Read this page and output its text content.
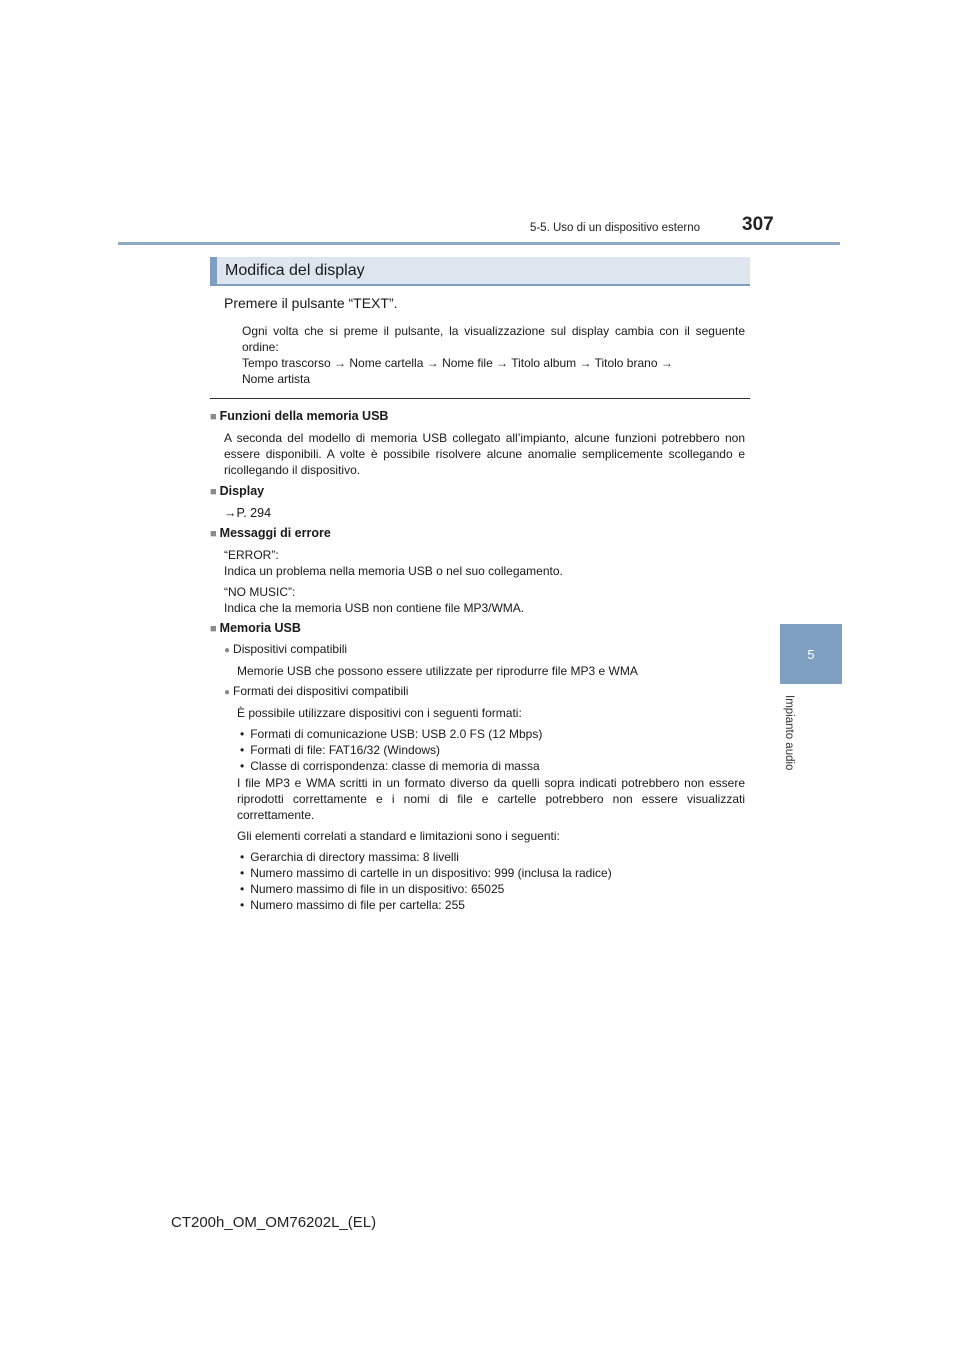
5-5. Uso di un dispositivo esterno 307
5
Impianto audio
Modifica del display
Premere il pulsante “TEXT”.
Ogni volta che si preme il pulsante, la visualizzazione sul display cambia con il seguente ordine:
Tempo trascorso → Nome cartella → Nome file → Titolo album → Titolo brano →
Nome artista
■ Funzioni della memoria USB
A seconda del modello di memoria USB collegato all’impianto, alcune funzioni potrebbero non essere disponibili. A volte è possibile risolvere alcune anomalie semplicemente scollegando e ricollegando il dispositivo.
■ Display
→P. 294
■ Messaggi di errore
“ERROR”:
Indica un problema nella memoria USB o nel suo collegamento.
“NO MUSIC”:
Indica che la memoria USB non contiene file MP3/WMA.
■ Memoria USB
● Dispositivi compatibili
Memorie USB che possono essere utilizzate per riprodurre file MP3 e WMA
● Formati dei dispositivi compatibili
È possibile utilizzare dispositivi con i seguenti formati:
• Formati di comunicazione USB: USB 2.0 FS (12 Mbps)
• Formati di file: FAT16/32 (Windows)
• Classe di corrispondenza: classe di memoria di massa
I file MP3 e WMA scritti in un formato diverso da quelli sopra indicati potrebbero non essere riprodotti correttamente e i nomi di file e cartelle potrebbero non essere visualizzati correttamente.
Gli elementi correlati a standard e limitazioni sono i seguenti:
• Gerarchia di directory massima: 8 livelli
• Numero massimo di cartelle in un dispositivo: 999 (inclusa la radice)
• Numero massimo di file in un dispositivo: 65025
• Numero massimo di file per cartella: 255
CT200h_OM_OM76202L_(EL)
